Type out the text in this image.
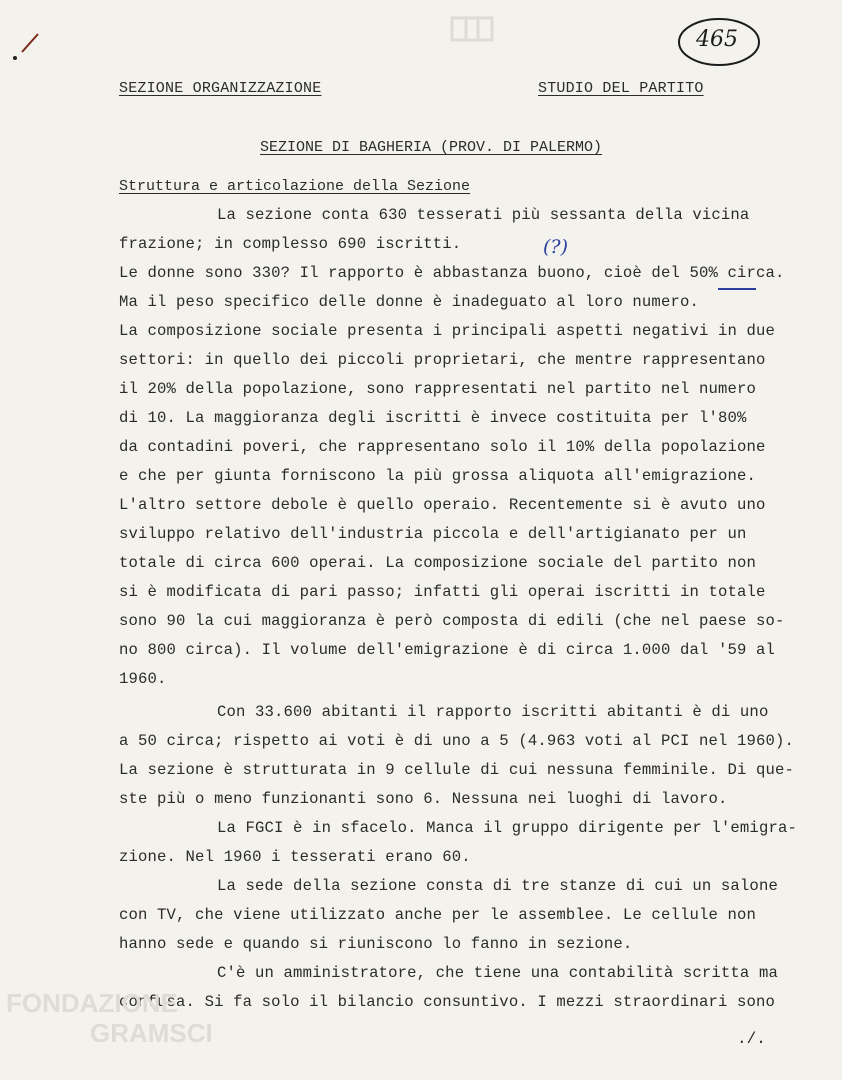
465
SEZIONE ORGANIZZAZIONE	STUDIO DEL PARTITO
SEZIONE DI BAGHERIA (PROV. DI PALERMO)
Struttura e articolazione della Sezione
(?)
La sezione conta 630 tesserati più sessanta della vicina
frazione; in complesso 690 iscritti.
Le donne sono 330? Il rapporto è abbastanza buono, cioè del 50% circa.
Ma il peso specifico delle donne è inadeguato al loro numero.
La composizione sociale presenta i principali aspetti negativi in due
settori: in quello dei piccoli proprietari, che mentre rappresentano
il 20% della popolazione, sono rappresentati nel partito nel numero
di 10. La maggioranza degli iscritti è invece costituita per l'80%
da contadini poveri, che rappresentano solo il 10% della popolazione
e che per giunta forniscono la più grossa aliquota all'emigrazione.
L'altro settore debole è quello operaio. Recentemente si è avuto uno
sviluppo relativo dell'industria piccola e dell'artigianato per un
totale di circa 600 operai. La composizione sociale del partito non
si è modificata di pari passo; infatti gli operai iscritti in totale
sono 90 la cui maggioranza è però composta di edili (che nel paese so-
no 800 circa). Il volume dell'emigrazione è di circa 1.000 dal '59 al
1960.
Con 33.600 abitanti il rapporto iscritti abitanti è di uno
a 50 circa; rispetto ai voti è di uno a 5 (4.963 voti al PCI nel 1960).
La sezione è strutturata in 9 cellule di cui nessuna femminile. Di que-
ste più o meno funzionanti sono 6. Nessuna nei luoghi di lavoro.
La FGCI è in sfacelo. Manca il gruppo dirigente per l'emigra-
zione. Nel 1960 i tesserati erano 60.
La sede della sezione consta di tre stanze di cui un salone
con TV, che viene utilizzato anche per le assemblee. Le cellule non
hanno sede e quando si riuniscono lo fanno in sezione.
C'è un amministratore, che tiene una contabilità scritta ma
confusa. Si fa solo il bilancio consuntivo. I mezzi straordinari sono
./.
FONDAZIONE
GRAMSCI
